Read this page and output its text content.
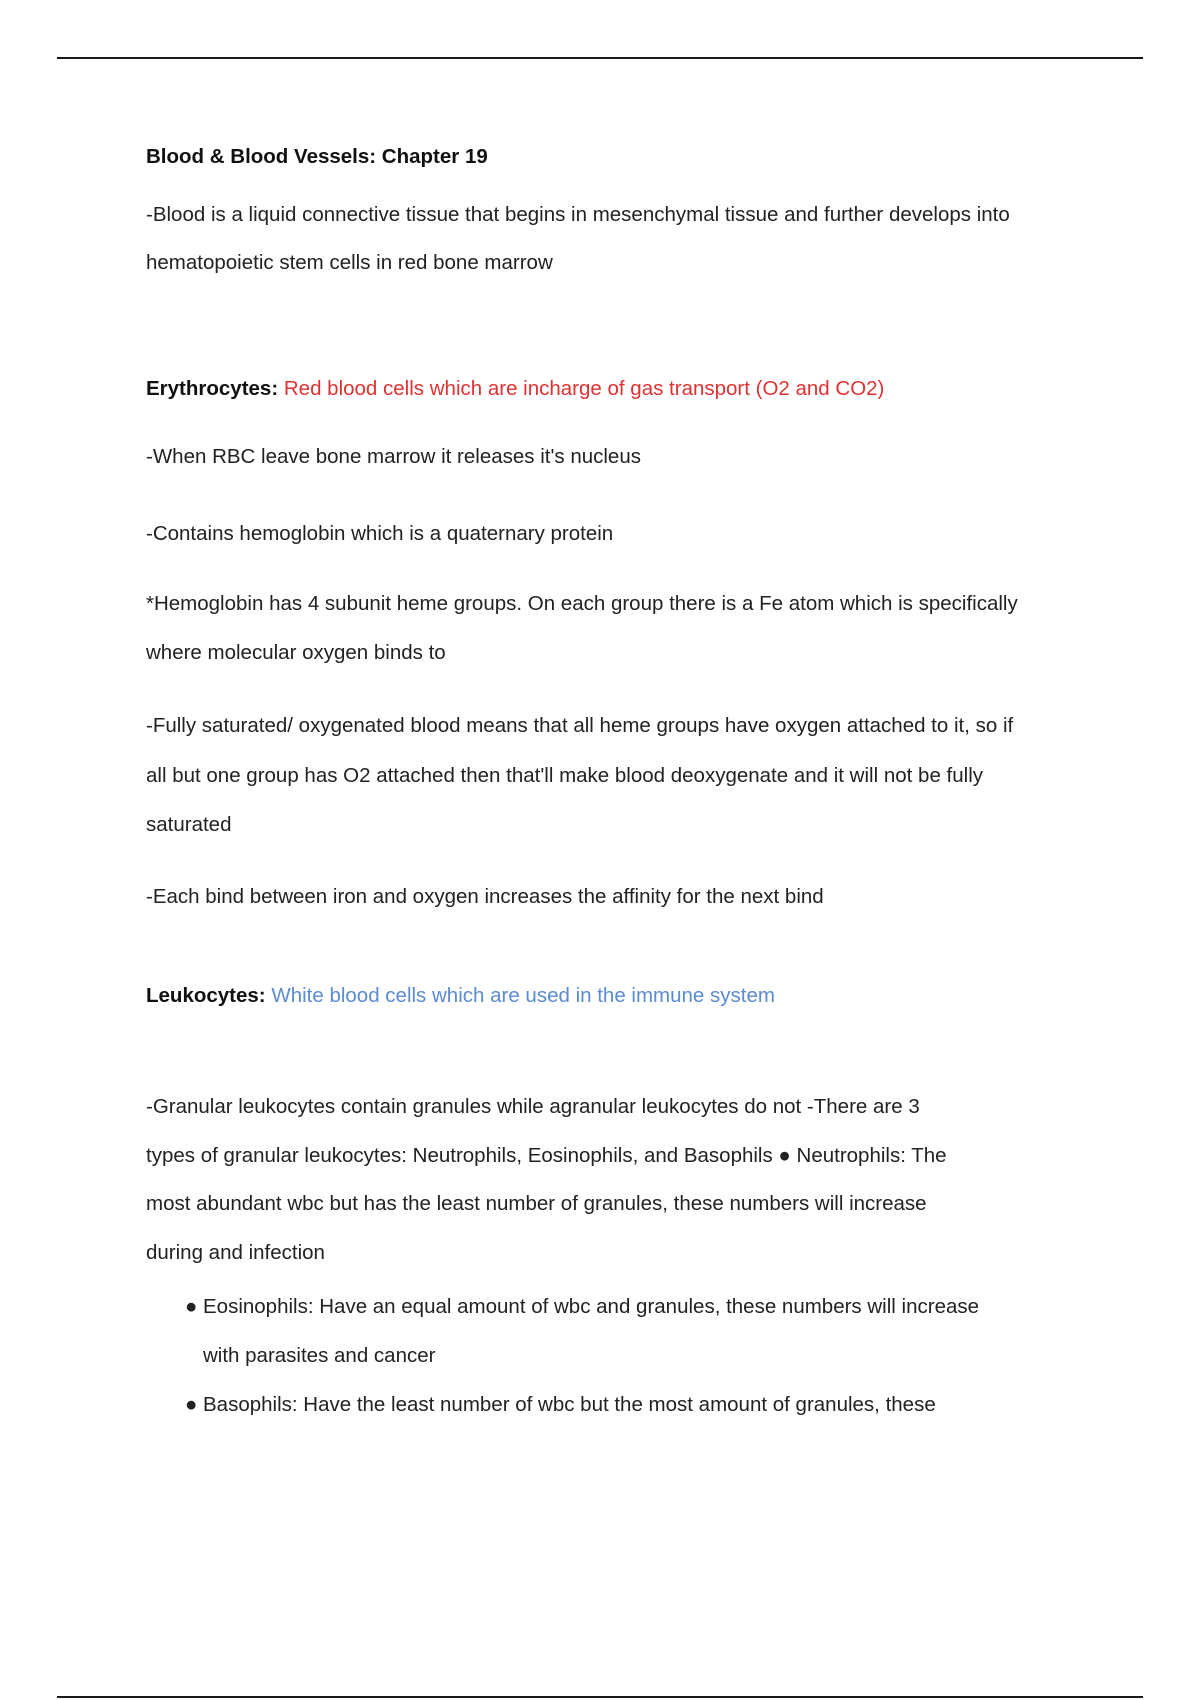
Blood & Blood Vessels: Chapter 19
-Blood is a liquid connective tissue that begins in mesenchymal tissue and further develops into
hematopoietic stem cells in red bone marrow
Erythrocytes: Red blood cells which are incharge of gas transport (O2 and CO2)
-When RBC leave bone marrow it releases it's nucleus
-Contains hemoglobin which is a quaternary protein
*Hemoglobin has 4 subunit heme groups. On each group there is a Fe atom which is specifically
where molecular oxygen binds to
-Fully saturated/ oxygenated blood means that all heme groups have oxygen attached to it, so if
all but one group has O2 attached then that'll make blood deoxygenate and it will not be fully
saturated
-Each bind between iron and oxygen increases the affinity for the next bind
Leukocytes: White blood cells which are used in the immune system
-Granular leukocytes contain granules while agranular leukocytes do not -There are 3
types of granular leukocytes: Neutrophils, Eosinophils, and Basophils ● Neutrophils: The
most abundant wbc but has the least number of granules, these numbers will increase
during and infection
● Eosinophils: Have an equal amount of wbc and granules, these numbers will increase
with parasites and cancer
● Basophils: Have the least number of wbc but the most amount of granules, these
